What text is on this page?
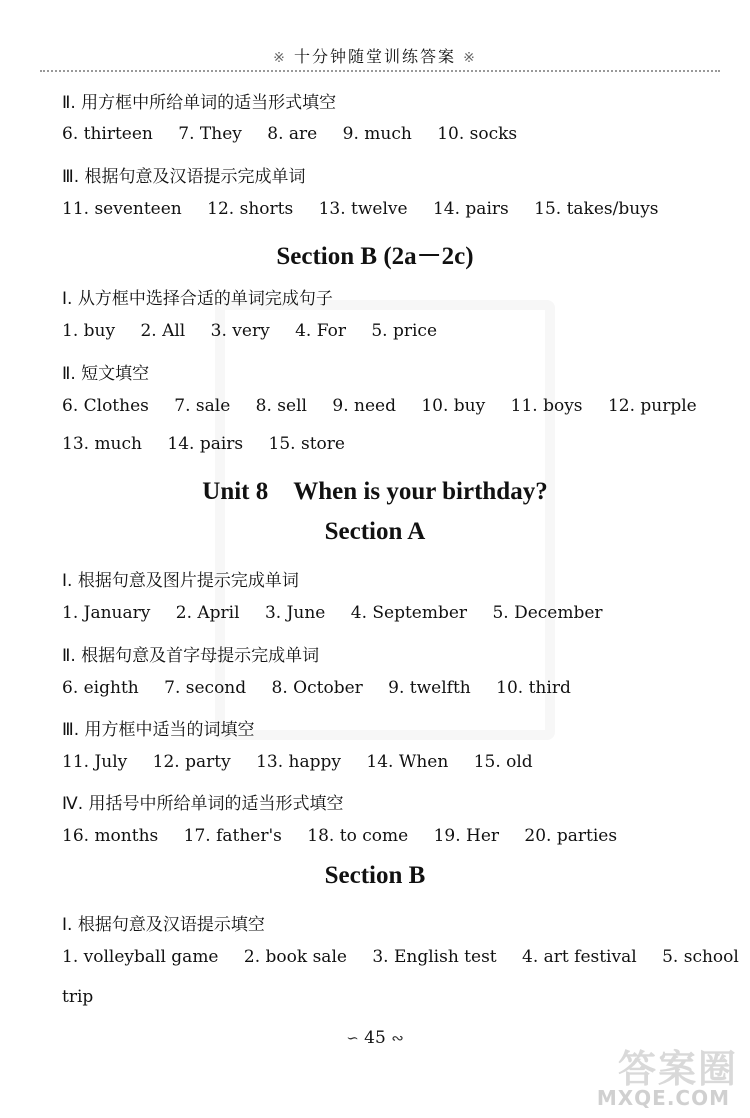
※ 十分钟随堂训练答案 ※
Ⅱ. 用方框中所给单词的适当形式填空
6. thirteen 7. They 8. are 9. much 10. socks
Ⅲ. 根据句意及汉语提示完成单词
11. seventeen 12. shorts 13. twelve 14. pairs 15. takes/buys
Section B (2a－2c)
Ⅰ. 从方框中选择合适的单词完成句子
1. buy 2. All 3. very 4. For 5. price
Ⅱ. 短文填空
6. Clothes 7. sale 8. sell 9. need 10. buy 11. boys 12. purple
13. much 14. pairs 15. store
Unit 8　When is your birthday?
Section A
Ⅰ. 根据句意及图片提示完成单词
1. January 2. April 3. June 4. September 5. December
Ⅱ. 根据句意及首字母提示完成单词
6. eighth 7. second 8. October 9. twelfth 10. third
Ⅲ. 用方框中适当的词填空
11. July 12. party 13. happy 14. When 15. old
Ⅳ. 用括号中所给单词的适当形式填空
16. months 17. father's 18. to come 19. Her 20. parties
Section B
Ⅰ. 根据句意及汉语提示填空
1. volleyball game 2. book sale 3. English test 4. art festival 5. school
trip
∽ 45 ∾
答案圈
MXQE.COM
